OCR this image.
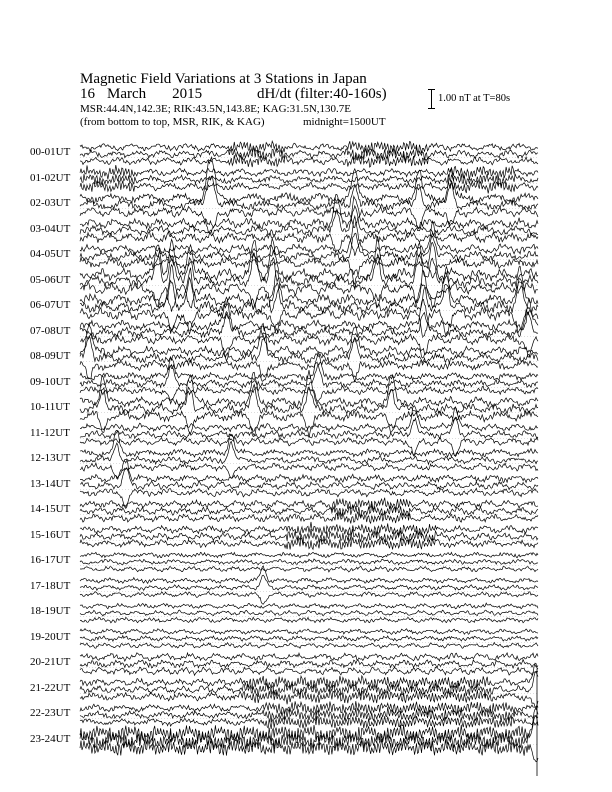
Magnetic Field Variations at 3 Stations in Japan
16 March 2015	dH/dt (filter:40-160s)
MSR:44.4N,142.3E; RIK:43.5N,143.8E; KAG:31.5N,130.7E
(from bottom to top, MSR, RIK, & KAG)	midnight=1500UT
1.00 nT at T=80s
00-01UT
01-02UT
02-03UT
03-04UT
04-05UT
05-06UT
06-07UT
07-08UT
08-09UT
09-10UT
10-11UT
11-12UT
12-13UT
13-14UT
14-15UT
15-16UT
16-17UT
17-18UT
18-19UT
19-20UT
20-21UT
21-22UT
22-23UT
23-24UT
